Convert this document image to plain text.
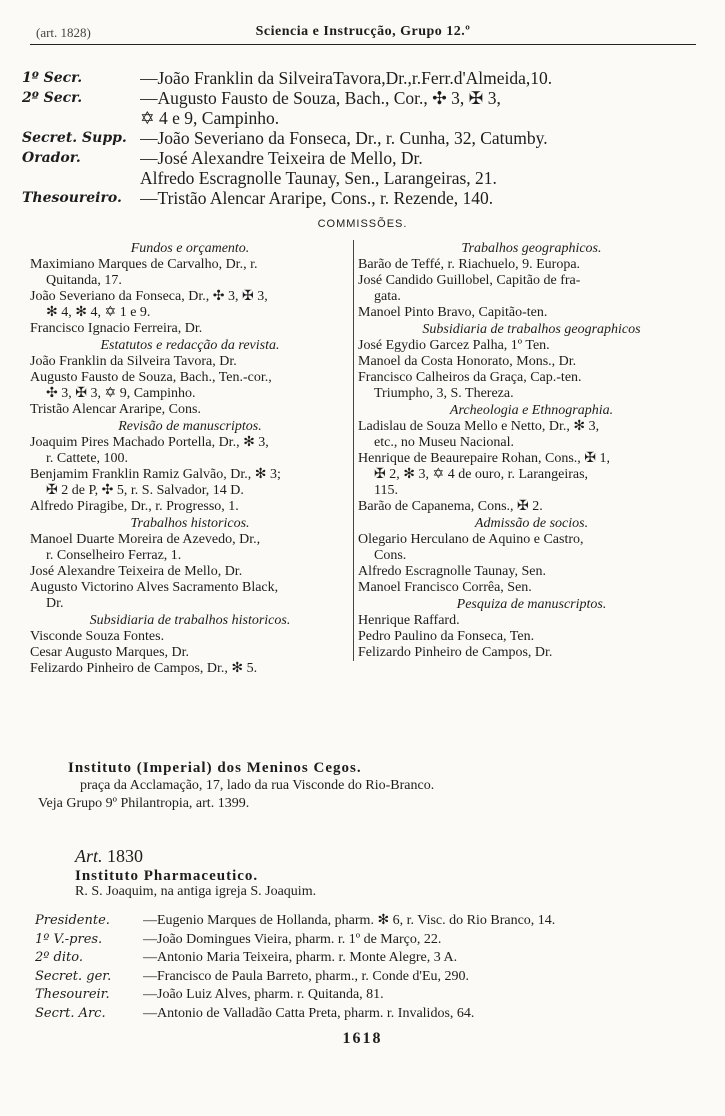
(art. 1828)	Sciencia e Instrucção, Grupo 12.º
1º Secr.	—João Franklin da SilveiraTavora,Dr.,r.Ferr.d'Almeida,10.
2º Secr.	—Augusto Fausto de Souza, Bach., Cor., ✣ 3, ✠ 3,
✡ 4 e 9, Campinho.
Secret. Supp. —João Severiano da Fonseca, Dr., r. Cunha, 32, Catumby.
Orador.	—José Alexandre Teixeira de Mello, Dr.
Alfredo Escragnolle Taunay, Sen., Larangeiras, 21.
Thesoureiro.	—Tristão Alencar Araripe, Cons., r. Rezende, 140.
COMMISSÕES.
Fundos e orçamento.
Maximiano Marques de Carvalho, Dr., r.
Quitanda, 17.
João Severiano da Fonseca, Dr., ✣ 3, ✠ 3,
✻ 4, ✻ 4, ✡ 1 e 9.
Francisco Ignacio Ferreira, Dr.
Estatutos e redacção da revista.
João Franklin da Silveira Tavora, Dr.
Augusto Fausto de Souza, Bach., Ten.-cor.,
✣ 3, ✠ 3, ✡ 9, Campinho.
Tristão Alencar Araripe, Cons.
Revisão de manuscriptos.
Joaquim Pires Machado Portella, Dr., ✻ 3,
r. Cattete, 100.
Benjamim Franklin Ramiz Galvão, Dr., ✻ 3;
✠ 2 de P, ✣ 5, r. S. Salvador, 14 D.
Alfredo Piragibe, Dr., r. Progresso, 1.
Trabalhos historicos.
Manoel Duarte Moreira de Azevedo, Dr.,
r. Conselheiro Ferraz, 1.
José Alexandre Teixeira de Mello, Dr.
Augusto Victorino Alves Sacramento Black,
Dr.
Subsidiaria de trabalhos historicos.
Visconde Souza Fontes.
Cesar Augusto Marques, Dr.
Felizardo Pinheiro de Campos, Dr., ✻ 5.
Trabalhos geographicos.
Barão de Teffé, r. Riachuelo, 9. Europa.
José Candido Guillobel, Capitão de fra-
gata.
Manoel Pinto Bravo, Capitão-ten.
Subsidiaria de trabalhos geographicos
José Egydio Garcez Palha, 1º Ten.
Manoel da Costa Honorato, Mons., Dr.
Francisco Calheiros da Graça, Cap.-ten.
Triumpho, 3, S. Thereza.
Archeologia e Ethnographia.
Ladislau de Souza Mello e Netto, Dr., ✻ 3,
etc., no Museu Nacional.
Henrique de Beaurepaire Rohan, Cons., ✠ 1,
✠ 2, ✻ 3, ✡ 4 de ouro, r. Larangeiras,
115.
Barão de Capanema, Cons., ✠ 2.
Admissão de socios.
Olegario Herculano de Aquino e Castro,
Cons.
Alfredo Escragnolle Taunay, Sen.
Manoel Francisco Corrêa, Sen.
Pesquiza de manuscriptos.
Henrique Raffard.
Pedro Paulino da Fonseca, Ten.
Felizardo Pinheiro de Campos, Dr.
Instituto (Imperial) dos Meninos Cegos.
praça da Acclamação, 17, lado da rua Visconde do Rio-Branco.
Veja Grupo 9º Philantropia, art. 1399.
Art. 1830
Instituto Pharmaceutico.
R. S. Joaquim, na antiga igreja S. Joaquim.
Presidente.	—Eugenio Marques de Hollanda, pharm. ✻ 6, r. Visc. do Rio Branco, 14.
1º V.-pres.	—João Domingues Vieira, pharm. r. 1º de Março, 22.
2º dito.	—Antonio Maria Teixeira, pharm. r. Monte Alegre, 3 A.
Secret. ger.	—Francisco de Paula Barreto, pharm., r. Conde d'Eu, 290.
Thesoureir.	—João Luiz Alves, pharm. r. Quitanda, 81.
Secrt. Arc.	—Antonio de Valladão Catta Preta, pharm. r. Invalidos, 64.
1618
